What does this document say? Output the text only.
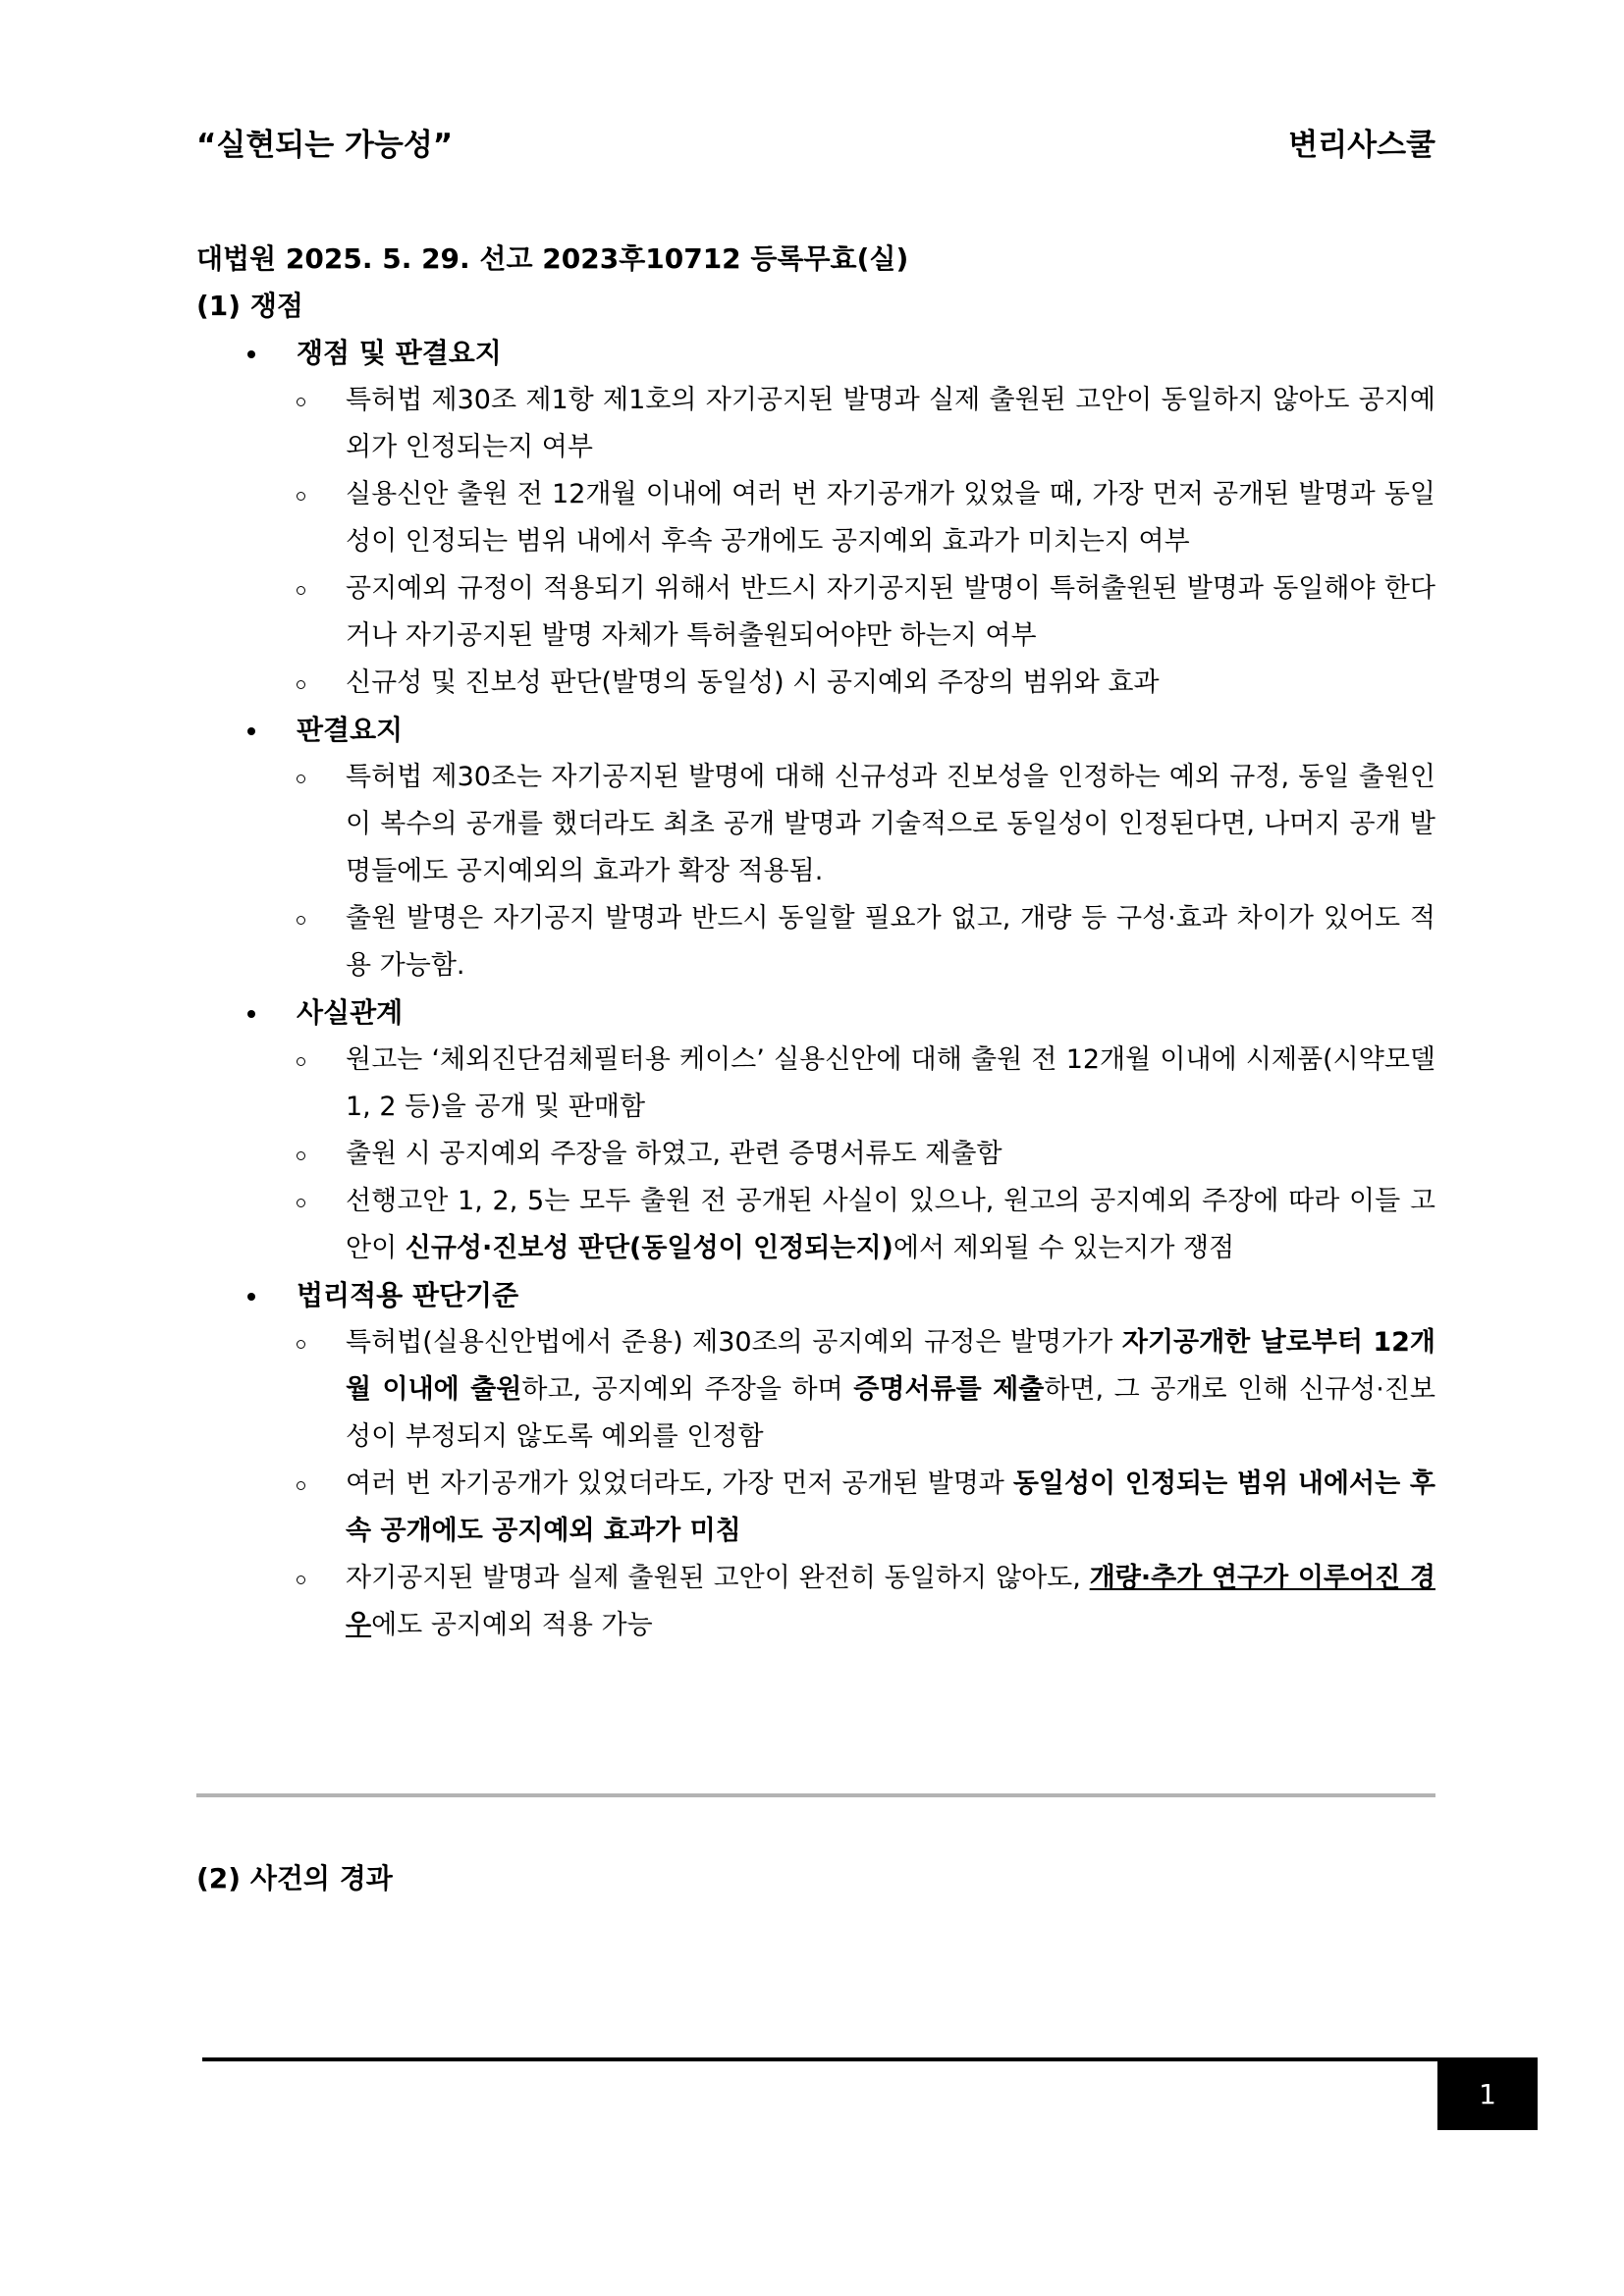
“실현되는 가능성”	변리사스쿨
대법원 2025. 5. 29. 선고 2023후10712 등록무효(실)
(1) 쟁점
쟁점 및 판결요지
특허법 제30조 제1항 제1호의 자기공지된 발명과 실제 출원된 고안이 동일하지 않아도 공지예외가 인정되는지 여부
실용신안 출원 전 12개월 이내에 여러 번 자기공개가 있었을 때, 가장 먼저 공개된 발명과 동일성이 인정되는 범위 내에서 후속 공개에도 공지예외 효과가 미치는지 여부
공지예외 규정이 적용되기 위해서 반드시 자기공지된 발명이 특허출원된 발명과 동일해야 한다거나 자기공지된 발명 자체가 특허출원되어야만 하는지 여부
신규성 및 진보성 판단(발명의 동일성) 시 공지예외 주장의 범위와 효과
판결요지
특허법 제30조는 자기공지된 발명에 대해 신규성과 진보성을 인정하는 예외 규정, 동일 출원인이 복수의 공개를 했더라도 최초 공개 발명과 기술적으로 동일성이 인정된다면, 나머지 공개 발명들에도 공지예외의 효과가 확장 적용됨.
출원 발명은 자기공지 발명과 반드시 동일할 필요가 없고, 개량 등 구성·효과 차이가 있어도 적용 가능함.
사실관계
원고는 ‘체외진단검체필터용 케이스’ 실용신안에 대해 출원 전 12개월 이내에 시제품(시약모델 1, 2 등)을 공개 및 판매함
출원 시 공지예외 주장을 하였고, 관련 증명서류도 제출함
선행고안 1, 2, 5는 모두 출원 전 공개된 사실이 있으나, 원고의 공지예외 주장에 따라 이들 고안이 신규성·진보성 판단(동일성이 인정되는지)에서 제외될 수 있는지가 쟁점
법리적용 판단기준
특허법(실용신안법에서 준용) 제30조의 공지예외 규정은 발명가가 자기공개한 날로부터 12개월 이내에 출원하고, 공지예외 주장을 하며 증명서류를 제출하면, 그 공개로 인해 신규성·진보성이 부정되지 않도록 예외를 인정함
여러 번 자기공개가 있었더라도, 가장 먼저 공개된 발명과 동일성이 인정되는 범위 내에서는 후속 공개에도 공지예외 효과가 미침
자기공지된 발명과 실제 출원된 고안이 완전히 동일하지 않아도, 개량·추가 연구가 이루어진 경우에도 공지예외 적용 가능
(2) 사건의 경과
1
